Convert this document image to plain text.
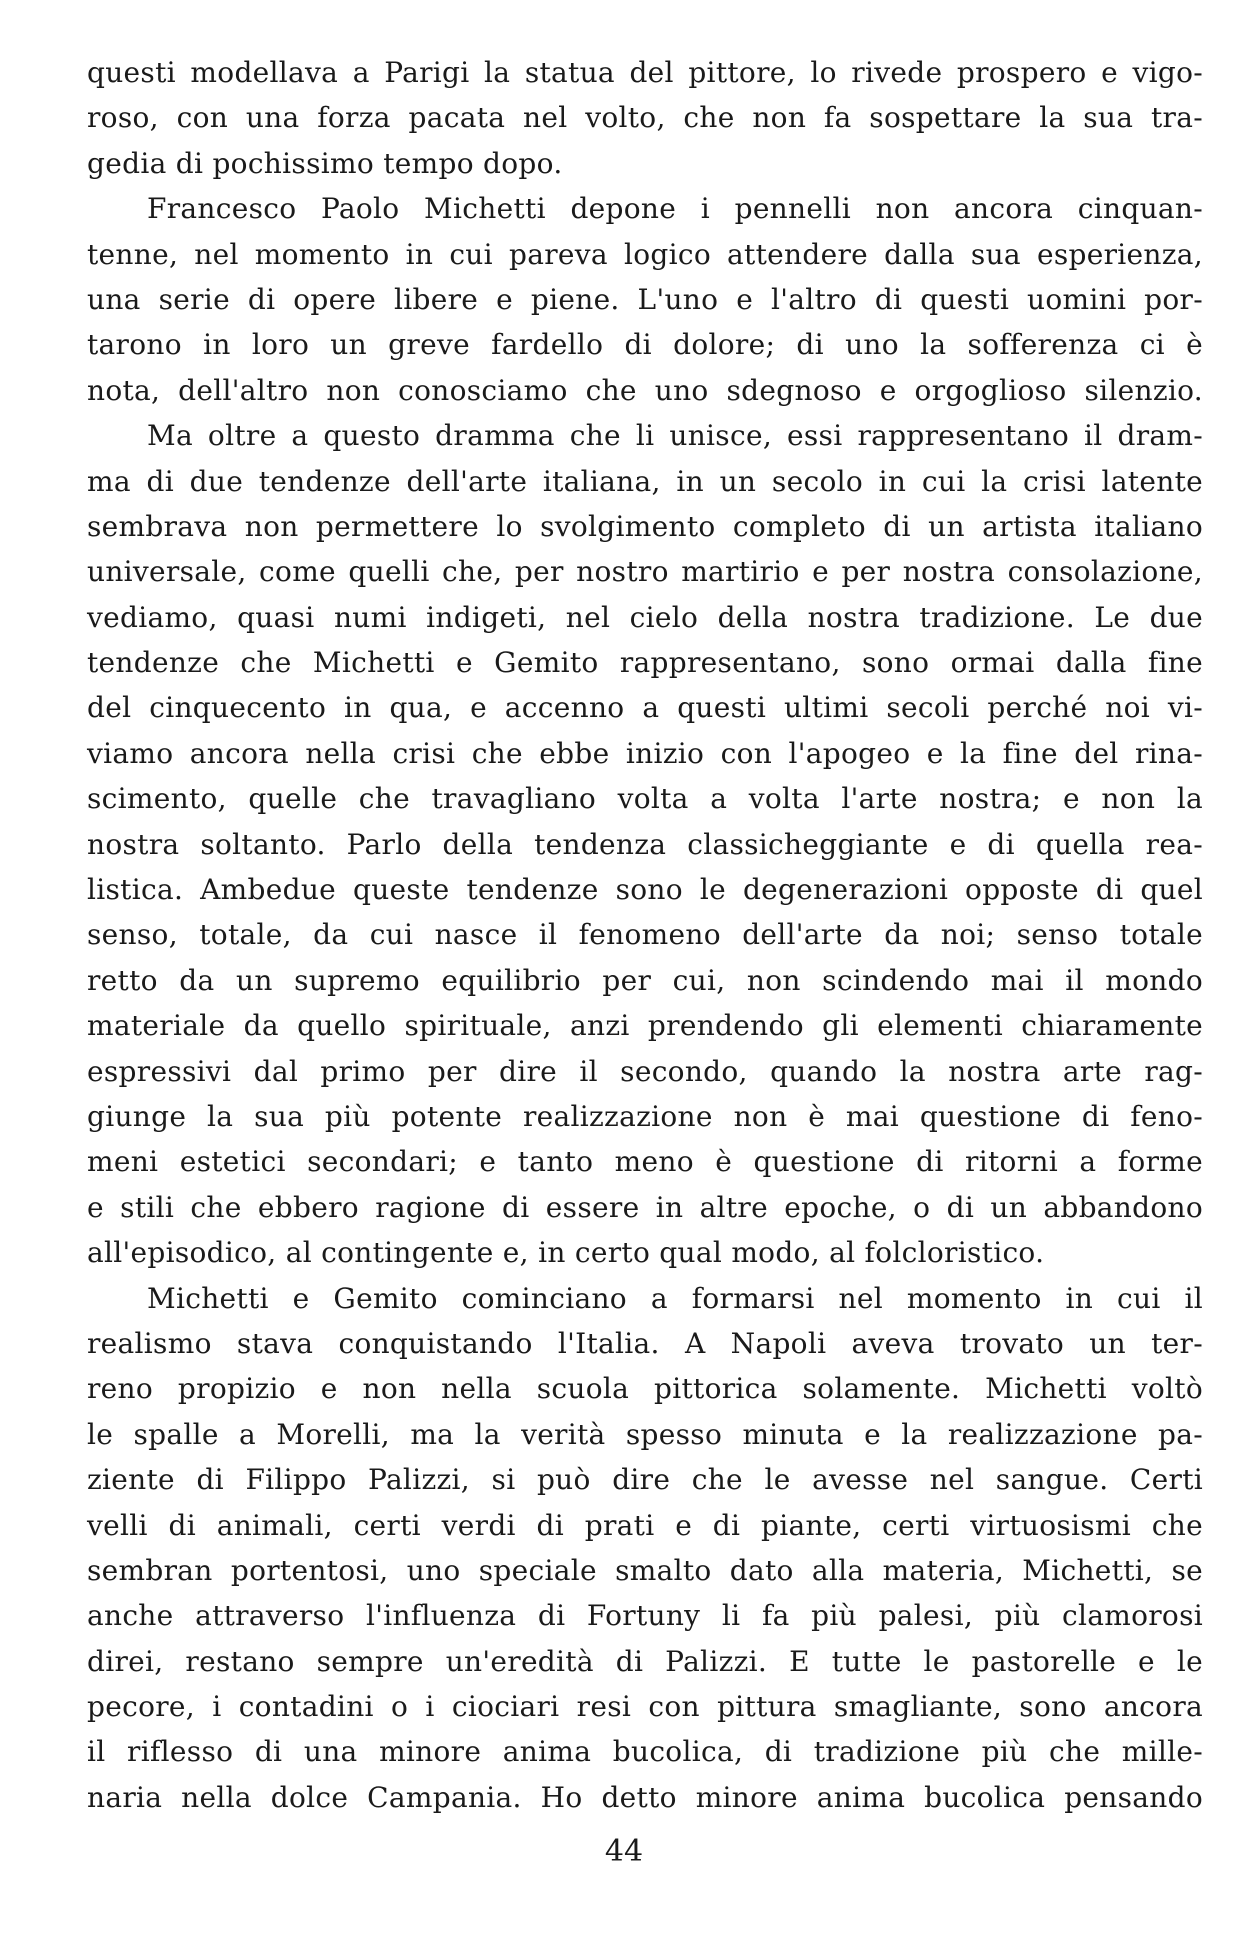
questi modellava a Parigi la statua del pittore, lo rivede prospero e vigo-
roso, con una forza pacata nel volto, che non fa sospettare la sua tra-
gedia di pochissimo tempo dopo.
Francesco Paolo Michetti depone i pennelli non ancora cinquan-
tenne, nel momento in cui pareva logico attendere dalla sua esperienza,
una serie di opere libere e piene. L'uno e l'altro di questi uomini por-
tarono in loro un greve fardello di dolore; di uno la sofferenza ci è
nota, dell'altro non conosciamo che uno sdegnoso e orgoglioso silenzio.
Ma oltre a questo dramma che li unisce, essi rappresentano il dram-
ma di due tendenze dell'arte italiana, in un secolo in cui la crisi latente
sembrava non permettere lo svolgimento completo di un artista italiano
universale, come quelli che, per nostro martirio e per nostra consolazione,
vediamo, quasi numi indigeti, nel cielo della nostra tradizione. Le due
tendenze che Michetti e Gemito rappresentano, sono ormai dalla fine
del cinquecento in qua, e accenno a questi ultimi secoli perché noi vi-
viamo ancora nella crisi che ebbe inizio con l'apogeo e la fine del rina-
scimento, quelle che travagliano volta a volta l'arte nostra; e non la
nostra soltanto. Parlo della tendenza classicheggiante e di quella rea-
listica. Ambedue queste tendenze sono le degenerazioni opposte di quel
senso, totale, da cui nasce il fenomeno dell'arte da noi; senso totale
retto da un supremo equilibrio per cui, non scindendo mai il mondo
materiale da quello spirituale, anzi prendendo gli elementi chiaramente
espressivi dal primo per dire il secondo, quando la nostra arte rag-
giunge la sua più potente realizzazione non è mai questione di feno-
meni estetici secondari; e tanto meno è questione di ritorni a forme
e stili che ebbero ragione di essere in altre epoche, o di un abbandono
all'episodico, al contingente e, in certo qual modo, al folcloristico.
Michetti e Gemito cominciano a formarsi nel momento in cui il
realismo stava conquistando l'Italia. A Napoli aveva trovato un ter-
reno propizio e non nella scuola pittorica solamente. Michetti voltò
le spalle a Morelli, ma la verità spesso minuta e la realizzazione pa-
ziente di Filippo Palizzi, si può dire che le avesse nel sangue. Certi
velli di animali, certi verdi di prati e di piante, certi virtuosismi che
sembran portentosi, uno speciale smalto dato alla materia, Michetti, se
anche attraverso l'influenza di Fortuny li fa più palesi, più clamorosi
direi, restano sempre un'eredità di Palizzi. E tutte le pastorelle e le
pecore, i contadini o i ciociari resi con pittura smagliante, sono ancora
il riflesso di una minore anima bucolica, di tradizione più che mille-
naria nella dolce Campania. Ho detto minore anima bucolica pensando
44
